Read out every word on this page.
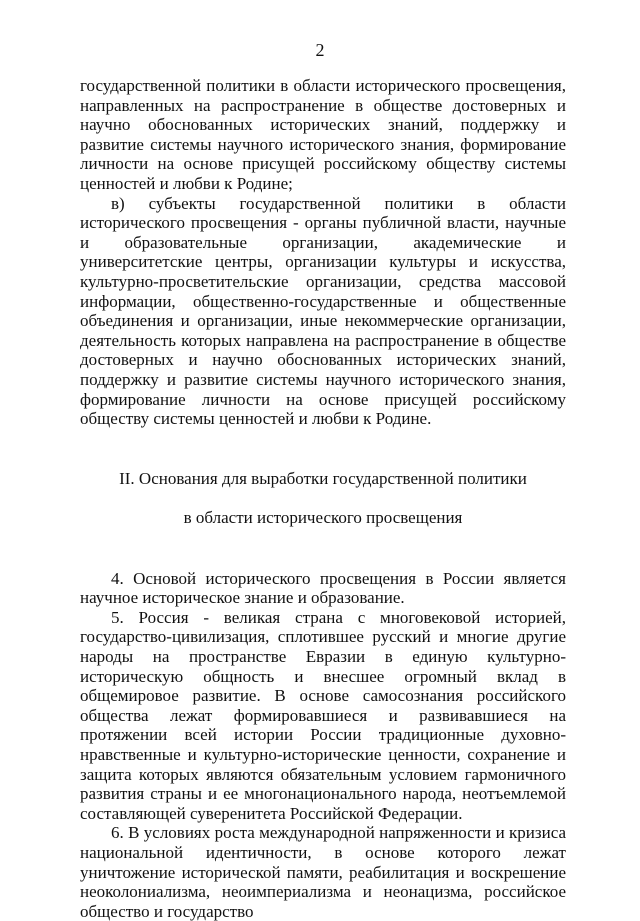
2

государственной политики в области исторического просвещения, направленных на распространение в обществе достоверных и научно обоснованных исторических знаний, поддержку и развитие системы научного исторического знания, формирование личности на основе присущей российскому обществу системы ценностей и любви к Родине;

в) субъекты государственной политики в области исторического просвещения - органы публичной власти, научные и образовательные организации, академические и университетские центры, организации культуры и искусства, культурно-просветительские организации, средства массовой информации, общественно-государственные и общественные объединения и организации, иные некоммерческие организации, деятельность которых направлена на распространение в обществе достоверных и научно обоснованных исторических знаний, поддержку и развитие системы научного исторического знания, формирование личности на основе присущей российскому обществу системы ценностей и любви к Родине.

II. Основания для выработки государственной политики

в области исторического просвещения

4. Основой исторического просвещения в России является научное историческое знание и образование.

5. Россия - великая страна с многовековой историей, государство-цивилизация, сплотившее русский и многие другие народы на пространстве Евразии в единую культурно-историческую общность и внесшее огромный вклад в общемировое развитие. В основе самосознания российского общества лежат формировавшиеся и развивавшиеся на протяжении всей истории России традиционные духовно-нравственные и культурно-исторические ценности, сохранение и защита которых являются обязательным условием гармоничного развития страны и ее многонационального народа, неотъемлемой составляющей суверенитета Российской Федерации.

6. В условиях роста международной напряженности и кризиса национальной идентичности, в основе которого лежат уничтожение исторической памяти, реабилитация и воскрешение неоколониализма, неоимпериализма и неонацизма, российское общество и государство
